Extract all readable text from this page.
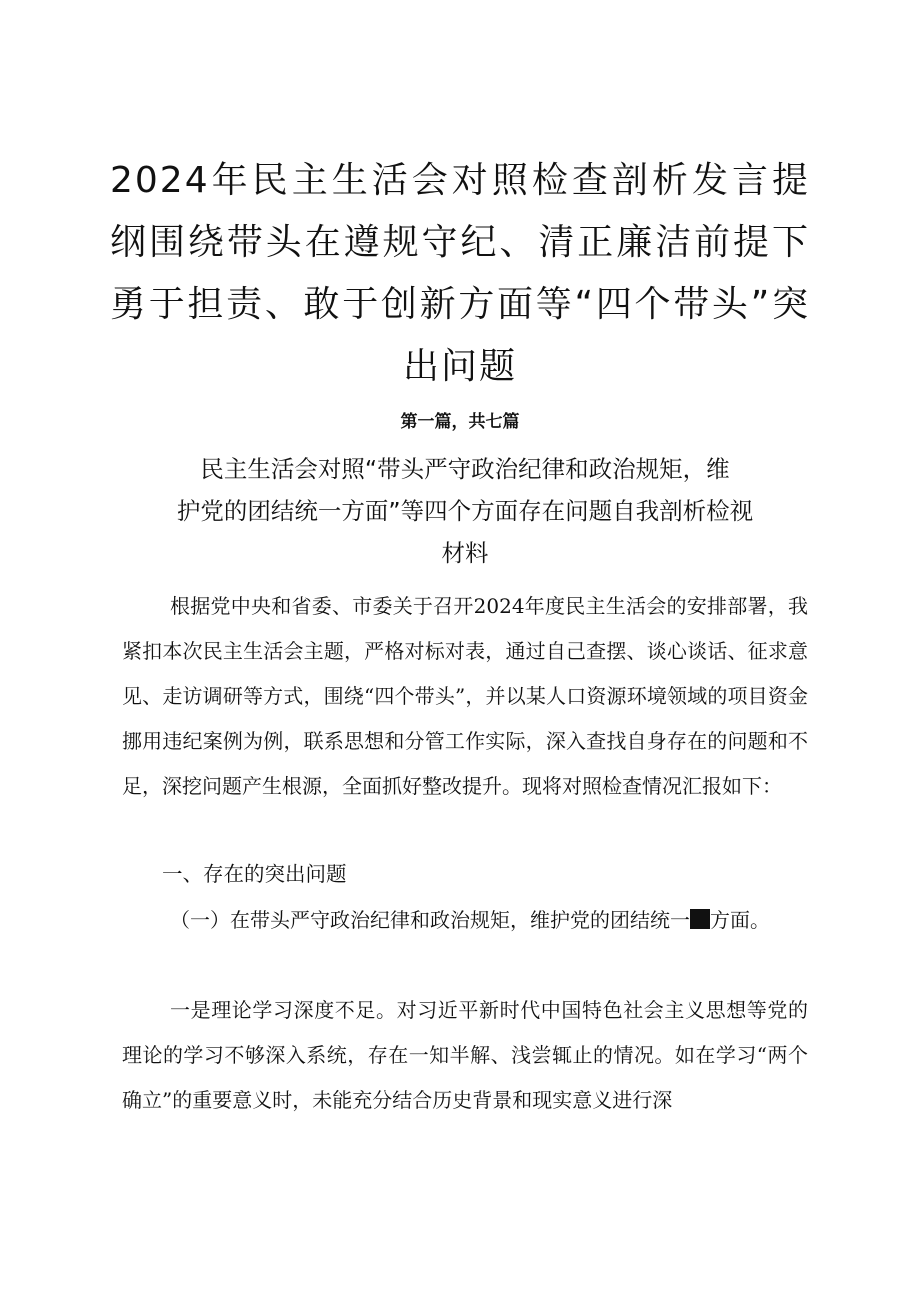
2024年民主生活会对照检查剖析发言提纲围绕带头在遵规守纪、清正廉洁前提下勇于担责、敢于创新方面等“四个带头”突出问题
第一篇，共七篇
民主生活会对照“带头严守政治纪律和政治规矩，维
护党的团结统一方面”等四个方面存在问题自我剖析检视
材料

根据党中央和省委、市委关于召开2024年度民主生活会的安排部署，我紧扣本次民主生活会主题，严格对标对表，通过自己查摆、谈心谈话、征求意见、走访调研等方式，围绕“四个带头”，并以某人口资源环境领域的项目资金挪用违纪案例为例，联系思想和分管工作实际，深入查找自身存在的问题和不足，深挖问题产生根源，全面抓好整改提升。现将对照检查情况汇报如下：

一、存在的突出问题

（一）在带头严守政治纪律和政治规矩，维护党的团结统一 方面。

一是理论学习深度不足。对习近平新时代中国特色社会主义思想等党的理论的学习不够深入系统，存在一知半解、浅尝辄止的情况。如在学习“两个确立”的重要意义时，未能充分结合历史背景和现实意义进行深
